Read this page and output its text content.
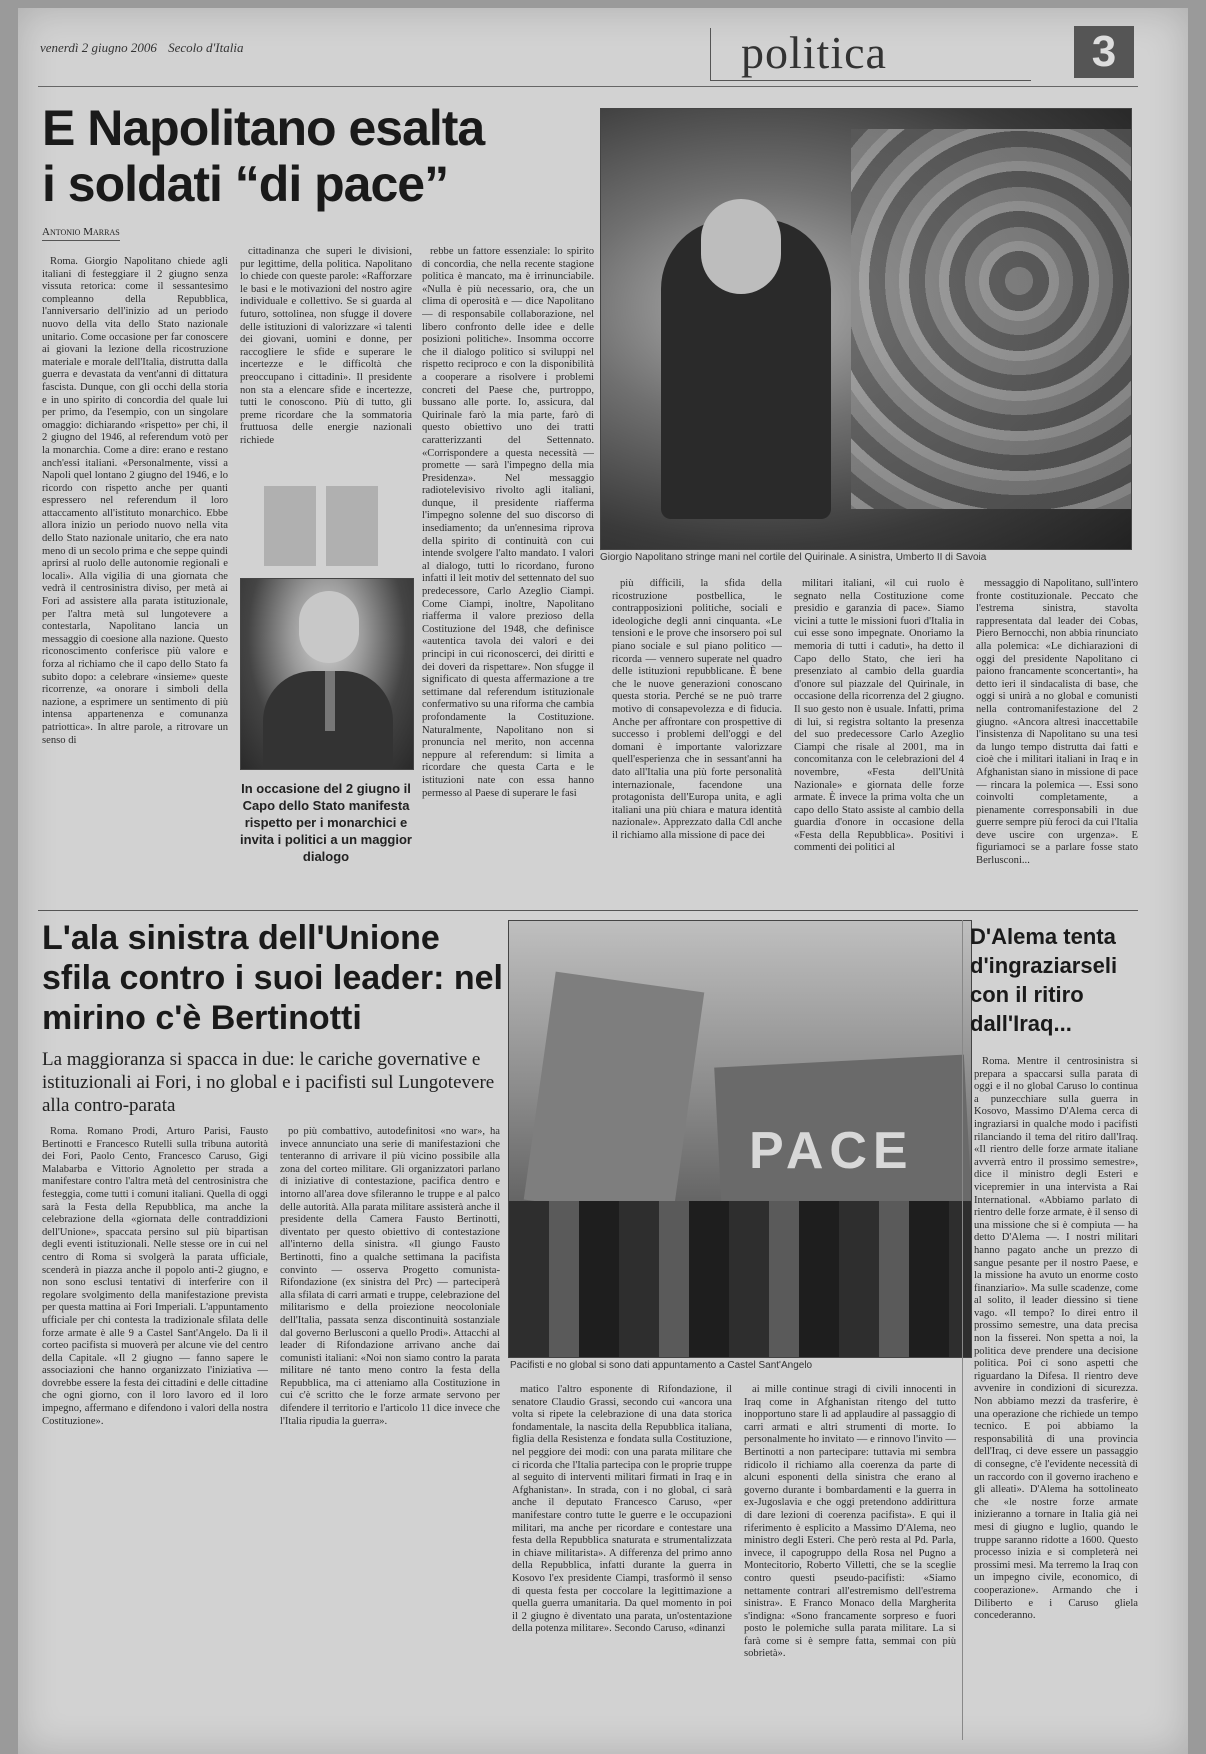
venerdì 2 giugno 2006 Secolo d'Italia	politica	3
E Napolitano esalta
i soldati “di pace”
Antonio Marras

Roma. Giorgio Napolitano chiede agli italiani di festeggiare il 2 giugno senza vissuta retorica: come il sessantesimo compleanno della Repubblica, l'anniversario dell'inizio ad un periodo nuovo della vita dello Stato nazionale unitario. Come occasione per far conoscere ai giovani la lezione della ricostruzione materiale e morale dell'Italia, distrutta dalla guerra e devastata da vent'anni di dittatura fascista. Dunque, con gli occhi della storia e in uno spirito di concordia del quale lui per primo, da l'esempio, con un singolare omaggio: dichiarando «rispetto» per chi, il 2 giugno del 1946, al referendum votò per la monarchia. Come a dire: erano e restano anch'essi italiani. «Personalmente, vissi a Napoli quel lontano 2 giugno del 1946, e lo ricordo con rispetto anche per quanti espressero nel referendum il loro attaccamento all'istituto monarchico. Ebbe allora inizio un periodo nuovo nella vita dello Stato nazionale unitario, che era nato meno di un secolo prima e che seppe quindi aprirsi al ruolo delle autonomie regionali e locali». Alla vigilia di una giornata che vedrà il centrosinistra diviso, per metà ai Fori ad assistere alla parata istituzionale, per l'altra metà sul lungotevere a contestarla, Napolitano lancia un messaggio di coesione alla nazione. Questo riconoscimento conferisce più valore e forza al richiamo che il capo dello Stato fa subito dopo: a celebrare «insieme» queste ricorrenze, «a onorare i simboli della nazione, a esprimere un sentimento di più intensa appartenenza e comunanza patriottica». In altre parole, a ritrovare un senso di

cittadinanza che superi le divisioni, pur legittime, della politica. Napolitano lo chiede con queste parole: «Rafforzare le basi e le motivazioni del nostro agire individuale e collettivo. Se si guarda al futuro, sottolinea, non sfugge il dovere delle istituzioni di valorizzare «i talenti dei giovani, uomini e donne, per raccogliere le sfide e superare le incertezze e le difficoltà che preoccupano i cittadini». Il presidente non sta a elencare sfide e incertezze, tutti le conoscono. Più di tutto, gli preme ricordare che la sommatoria fruttuosa delle energie nazionali richiede

In occasione del 2 giugno il Capo dello Stato manifesta rispetto per i monarchici e invita i politici a un maggior dialogo

rebbe un fattore essenziale: lo spirito di concordia, che nella recente stagione politica è mancato, ma è irrinunciabile. «Nulla è più necessario, ora, che un clima di operosità e — dice Napolitano — di responsabile collaborazione, nel libero confronto delle idee e delle posizioni politiche». Insomma occorre che il dialogo politico si sviluppi nel rispetto reciproco e con la disponibilità a cooperare a risolvere i problemi concreti del Paese che, purtroppo, bussano alle porte. Io, assicura, dal Quirinale farò la mia parte, farò di questo obiettivo uno dei tratti caratterizzanti del Settennato. «Corrispondere a questa necessità — promette — sarà l'impegno della mia Presidenza». Nel messaggio radiotelevisivo rivolto agli italiani, dunque, il presidente riafferma l'impegno solenne del suo discorso di insediamento; da un'ennesima riprova della spirito di continuità con cui intende svolgere l'alto mandato. I valori al dialogo, tutti lo ricordano, furono infatti il leit motiv del settennato del suo predecessore, Carlo Azeglio Ciampi. Come Ciampi, inoltre, Napolitano riafferma il valore prezioso della Costituzione del 1948, che definisce «autentica tavola dei valori e dei principi in cui riconoscerci, dei diritti e dei doveri da rispettare». Non sfugge il significato di questa affermazione a tre settimane dal referendum istituzionale confermativo su una riforma che cambia profondamente la Costituzione. Naturalmente, Napolitano non si pronuncia nel merito, non accenna neppure al referendum: si limita a ricordare che questa Carta e le istituzioni nate con essa hanno permesso al Paese di superare le fasi

Giorgio Napolitano stringe mani nel cortile del Quirinale. A sinistra, Umberto II di Savoia

più difficili, la sfida della ricostruzione postbellica, le contrapposizioni politiche, sociali e ideologiche degli anni cinquanta. «Le tensioni e le prove che insorsero poi sul piano sociale e sul piano politico — ricorda — vennero superate nel quadro delle istituzioni repubblicane. È bene che le nuove generazioni conoscano questa storia. Perché se ne può trarre motivo di consapevolezza e di fiducia. Anche per affrontare con prospettive di successo i problemi dell'oggi e del domani è importante valorizzare quell'esperienza che in sessant'anni ha dato all'Italia una più forte personalità internazionale, facendone una protagonista dell'Europa unita, e agli italiani una più chiara e matura identità nazionale». Apprezzato dalla Cdl anche il richiamo alla missione di pace dei

militari italiani, «il cui ruolo è segnato nella Costituzione come presidio e garanzia di pace». Siamo vicini a tutte le missioni fuori d'Italia in cui esse sono impegnate. Onoriamo la memoria di tutti i caduti», ha detto il Capo dello Stato, che ieri ha presenziato al cambio della guardia d'onore sul piazzale del Quirinale, in occasione della ricorrenza del 2 giugno. Il suo gesto non è usuale. Infatti, prima di lui, si registra soltanto la presenza del suo predecessore Carlo Azeglio Ciampi che risale al 2001, ma in concomitanza con le celebrazioni del 4 novembre, «Festa dell'Unità Nazionale» e giornata delle forze armate. È invece la prima volta che un capo dello Stato assiste al cambio della guardia d'onore in occasione della «Festa della Repubblica». Positivi i commenti dei politici al

messaggio di Napolitano, sull'intero fronte costituzionale. Peccato che l'estrema sinistra, stavolta rappresentata dal leader dei Cobas, Piero Bernocchi, non abbia rinunciato alla polemica: «Le dichiarazioni di oggi del presidente Napolitano ci paiono francamente sconcertanti», ha detto ieri il sindacalista di base, che oggi si unirà a no global e comunisti nella contromanifestazione del 2 giugno. «Ancora altresì inaccettabile l'insistenza di Napolitano su una tesi da lungo tempo distrutta dai fatti e cioè che i militari italiani in Iraq e in Afghanistan siano in missione di pace — rincara la polemica —. Essi sono coinvolti completamente, a pienamente corresponsabili in due guerre sempre più feroci da cui l'Italia deve uscire con urgenza». E figuriamoci se a parlare fosse stato Berlusconi...

L'ala sinistra dell'Unione sfila contro i suoi leader: nel mirino c'è Bertinotti
La maggioranza si spacca in due: le cariche governative e istituzionali ai Fori, i no global e i pacifisti sul Lungotevere alla contro-parata

Roma. Romano Prodi, Arturo Parisi, Fausto Bertinotti e Francesco Rutelli sulla tribuna autorità dei Fori, Paolo Cento, Francesco Caruso, Gigi Malabarba e Vittorio Agnoletto per strada a manifestare contro l'altra metà del centrosinistra che festeggia, come tutti i comuni italiani. Quella di oggi sarà la Festa della Repubblica, ma anche la celebrazione della «giornata delle contraddizioni dell'Unione», spaccata persino sul più bipartisan degli eventi istituzionali. Nelle stesse ore in cui nel centro di Roma si svolgerà la parata ufficiale, scenderà in piazza anche il popolo anti-2 giugno, e non sono esclusi tentativi di interferire con il regolare svolgimento della manifestazione prevista per questa mattina ai Fori Imperiali. L'appuntamento ufficiale per chi contesta la tradizionale sfilata delle forze armate è alle 9 a Castel Sant'Angelo. Da lì il corteo pacifista si muoverà per alcune vie del centro della Capitale. «Il 2 giugno — fanno sapere le associazioni che hanno organizzato l'iniziativa — dovrebbe essere la festa dei cittadini e delle cittadine che ogni giorno, con il loro lavoro ed il loro impegno, affermano e difendono i valori della nostra Costituzione».

po più combattivo, autodefinitosi «no war», ha invece annunciato una serie di manifestazioni che tenteranno di arrivare il più vicino possibile alla zona del corteo militare. Gli organizzatori parlano di iniziative di contestazione, pacifica dentro e intorno all'area dove sfileranno le truppe e al palco delle autorità. Alla parata militare assisterà anche il presidente della Camera Fausto Bertinotti, diventato per questo obiettivo di contestazione all'interno della sinistra. «Il giungo Fausto Bertinotti, fino a qualche settimana la pacifista convinto — osserva Progetto comunista-Rifondazione (ex sinistra del Prc) — parteciperà alla sfilata di carri armati e truppe, celebrazione del militarismo e della proiezione neocoloniale dell'Italia, passata senza discontinuità sostanziale dal governo Berlusconi a quello Prodi». Attacchi al leader di Rifondazione arrivano anche dai comunisti italiani: «Noi non siamo contro la parata militare né tanto meno contro la festa della Repubblica, ma ci atteniamo alla Costituzione in cui c'è scritto che le forze armate servono per difendere il territorio e l'articolo 11 dice invece che l'Italia ripudia la guerra».

PACE
Pacifisti e no global si sono dati appuntamento a Castel Sant'Angelo

matico l'altro esponente di Rifondazione, il senatore Claudio Grassi, secondo cui «ancora una volta si ripete la celebrazione di una data storica fondamentale, la nascita della Repubblica italiana, figlia della Resistenza e fondata sulla Costituzione, nel peggiore dei modi: con una parata militare che ci ricorda che l'Italia partecipa con le proprie truppe al seguito di interventi militari firmati in Iraq e in Afghanistan». In strada, con i no global, ci sarà anche il deputato Francesco Caruso, «per manifestare contro tutte le guerre e le occupazioni militari, ma anche per ricordare e contestare una festa della Repubblica snaturata e strumentalizzata in chiave militarista». A differenza del primo anno della Repubblica, infatti durante la guerra in Kosovo l'ex presidente Ciampi, trasformò il senso di questa festa per coccolare la legittimazione a quella guerra umanitaria. Da quel momento in poi il 2 giugno è diventato una parata, un'ostentazione della potenza militare». Secondo Caruso, «dinanzi

ai mille continue stragi di civili innocenti in Iraq come in Afghanistan ritengo del tutto inopportuno stare lì ad applaudire al passaggio di carri armati e altri strumenti di morte. Io personalmente ho invitato — e rinnovo l'invito — Bertinotti a non partecipare: tuttavia mi sembra ridicolo il richiamo alla coerenza da parte di alcuni esponenti della sinistra che erano al governo durante i bombardamenti e la guerra in ex-Jugoslavia e che oggi pretendono addirittura di dare lezioni di coerenza pacifista». E qui il riferimento è esplicito a Massimo D'Alema, neo ministro degli Esteri. Che però resta al Pd. Parla, invece, il capogruppo della Rosa nel Pugno a Montecitorio, Roberto Villetti, che se la sceglie contro questi pseudo-pacifisti: «Siamo nettamente contrari all'estremismo dell'estrema sinistra». E Franco Monaco della Margherita s'indigna: «Sono francamente sorpreso e fuori posto le polemiche sulla parata militare. La si farà come si è sempre fatta, semmai con più sobrietà».

D'Alema tenta d'ingraziarseli con il ritiro dall'Iraq...

Roma. Mentre il centrosinistra si prepara a spaccarsi sulla parata di oggi e il no global Caruso lo continua a punzecchiare sulla guerra in Kosovo, Massimo D'Alema cerca di ingraziarsi in qualche modo i pacifisti rilanciando il tema del ritiro dall'Iraq. «Il rientro delle forze armate italiane avverrà entro il prossimo semestre», dice il ministro degli Esteri e vicepremier in una intervista a Rai International. «Abbiamo parlato di rientro delle forze armate, è il senso di una missione che si è compiuta — ha detto D'Alema —. I nostri militari hanno pagato anche un prezzo di sangue pesante per il nostro Paese, e la missione ha avuto un enorme costo finanziario». Ma sulle scadenze, come al solito, il leader diessino si tiene vago. «Il tempo? Io direi entro il prossimo semestre, una data precisa non la fisserei. Non spetta a noi, la politica deve prendere una decisione politica. Poi ci sono aspetti che riguardano la Difesa. Il rientro deve avvenire in condizioni di sicurezza. Non abbiamo mezzi da trasferire, è una operazione che richiede un tempo tecnico. E poi abbiamo la responsabilità di una provincia dell'Iraq, ci deve essere un passaggio di consegne, c'è l'evidente necessità di un raccordo con il governo iracheno e gli alleati». D'Alema ha sottolineato che «le nostre forze armate inizieranno a tornare in Italia già nei mesi di giugno e luglio, quando le truppe saranno ridotte a 1600. Questo processo inizia e si completerà nei prossimi mesi. Ma terremo la Iraq con un impegno civile, economico, di cooperazione». Armando che i Diliberto e i Caruso gliela concederanno.
